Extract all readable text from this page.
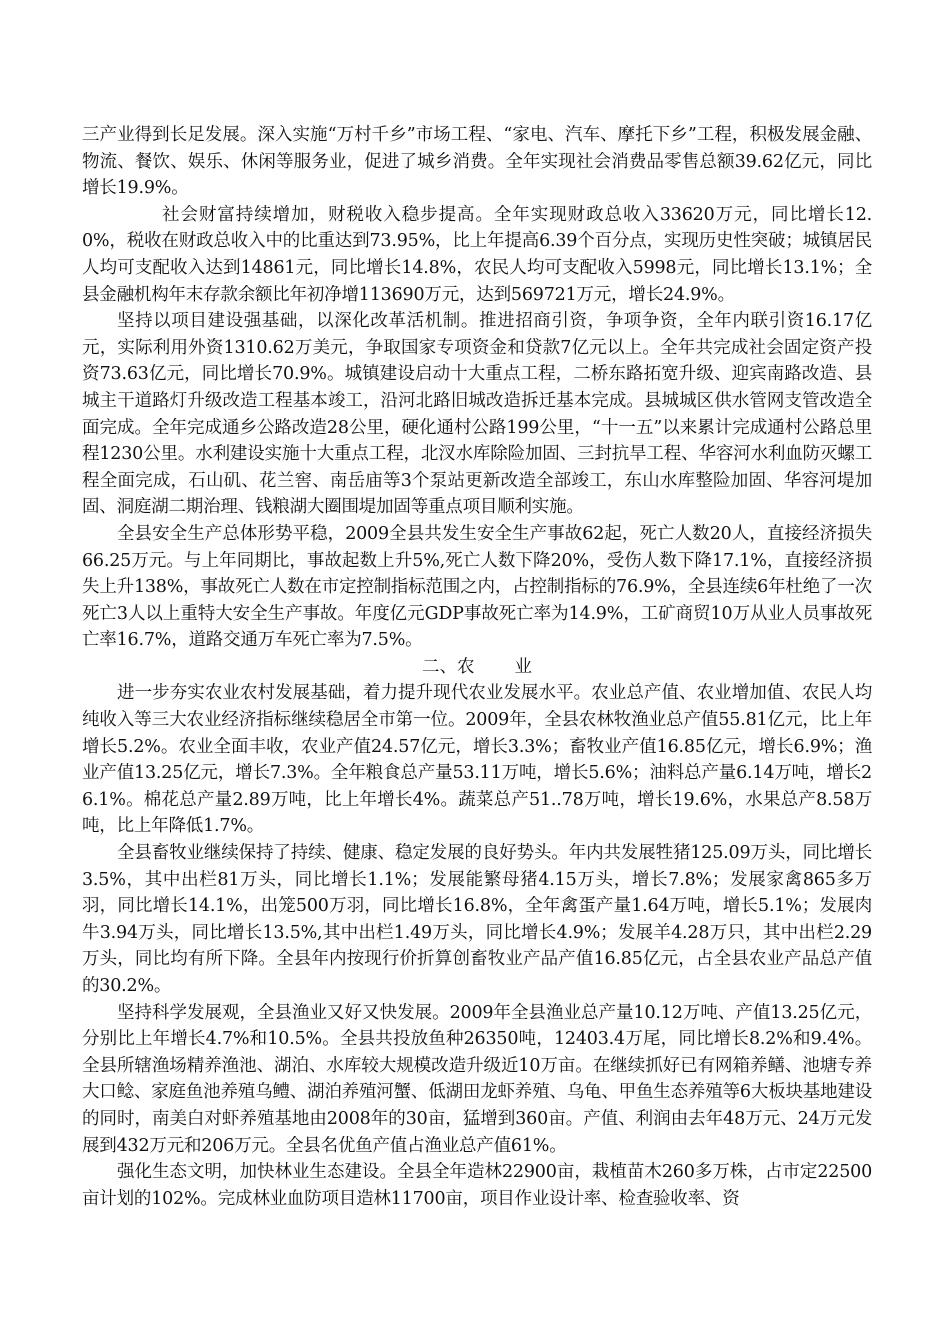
三产业得到长足发展。深入实施“万村千乡”市场工程、“家电、汽车、摩托下乡”工程，积极发展金融、物流、餐饮、娱乐、休闲等服务业，促进了城乡消费。全年实现社会消费品零售总额39.62亿元，同比增长19.9%。

社会财富持续增加，财税收入稳步提高。全年实现财政总收入33620万元，同比增长12.0%，税收在财政总收入中的比重达到73.95%，比上年提高6.39个百分点，实现历史性突破；城镇居民人均可支配收入达到14861元，同比增长14.8%，农民人均可支配收入5998元，同比增长13.1%；全县金融机构年末存款余额比年初净增113690万元，达到569721万元，增长24.9%。

坚持以项目建设强基础，以深化改革活机制。推进招商引资，争项争资，全年内联引资16.17亿元，实际利用外资1310.62万美元，争取国家专项资金和贷款7亿元以上。全年共完成社会固定资产投资73.63亿元，同比增长70.9%。城镇建设启动十大重点工程，二桥东路拓宽升级、迎宾南路改造、县城主干道路灯升级改造工程基本竣工，沿河北路旧城改造拆迁基本完成。县城城区供水管网支管改造全面完成。全年完成通乡公路改造28公里，硬化通村公路199公里，“十一五”以来累计完成通村公路总里程1230公里。水利建设实施十大重点工程，北汊水库除险加固、三封抗旱工程、华容河水利血防灭螺工程全面完成，石山矶、花兰窖、南岳庙等3个泵站更新改造全部竣工，东山水库整险加固、华容河堤加固、洞庭湖二期治理、钱粮湖大圈围堤加固等重点项目顺利实施。

全县安全生产总体形势平稳，2009全县共发生安全生产事故62起，死亡人数20人，直接经济损失66.25万元。与上年同期比，事故起数上升5%,死亡人数下降20%，受伤人数下降17.1%，直接经济损失上升138%，事故死亡人数在市定控制指标范围之内，占控制指标的76.9%，全县连续6年杜绝了一次死亡3人以上重特大安全生产事故。年度亿元GDP事故死亡率为14.9%，工矿商贸10万从业人员事故死亡率16.7%，道路交通万车死亡率为7.5%。

二、农 业

进一步夯实农业农村发展基础，着力提升现代农业发展水平。农业总产值、农业增加值、农民人均纯收入等三大农业经济指标继续稳居全市第一位。2009年，全县农林牧渔业总产值55.81亿元，比上年增长5.2%。农业全面丰收，农业产值24.57亿元，增长3.3%；畜牧业产值16.85亿元，增长6.9%；渔业产值13.25亿元，增长7.3%。全年粮食总产量53.11万吨，增长5.6%；油料总产量6.14万吨，增长26.1%。棉花总产量2.89万吨，比上年增长4%。蔬菜总产51..78万吨，增长19.6%，水果总产8.58万吨，比上年降低1.7%。

全县畜牧业继续保持了持续、健康、稳定发展的良好势头。年内共发展牲猪125.09万头，同比增长3.5%，其中出栏81万头，同比增长1.1%；发展能繁母猪4.15万头，增长7.8%；发展家禽865多万羽，同比增长14.1%，出笼500万羽，同比增长16.8%，全年禽蛋产量1.64万吨，增长5.1%；发展肉牛3.94万头，同比增长13.5%,其中出栏1.49万头，同比增长4.9%；发展羊4.28万只，其中出栏2.29万头，同比均有所下降。全县年内按现行价折算创畜牧业产品产值16.85亿元，占全县农业产品总产值的30.2%。

坚持科学发展观，全县渔业又好又快发展。2009年全县渔业总产量10.12万吨、产值13.25亿元，分别比上年增长4.7%和10.5%。全县共投放鱼种26350吨，12403.4万尾，同比增长8.2%和9.4%。全县所辖渔场精养渔池、湖泊、水库较大规模改造升级近10万亩。在继续抓好已有网箱养鳝、池塘专养大口鲶、家庭鱼池养殖乌鳢、湖泊养殖河蟹、低湖田龙虾养殖、乌龟、甲鱼生态养殖等6大板块基地建设的同时，南美白对虾养殖基地由2008年的30亩，猛增到360亩。产值、利润由去年48万元、24万元发展到432万元和206万元。全县名优鱼产值占渔业总产值61%。

强化生态文明，加快林业生态建设。全县全年造林22900亩，栽植苗木260多万株，占市定22500亩计划的102%。完成林业血防项目造林11700亩，项目作业设计率、检查验收率、资
